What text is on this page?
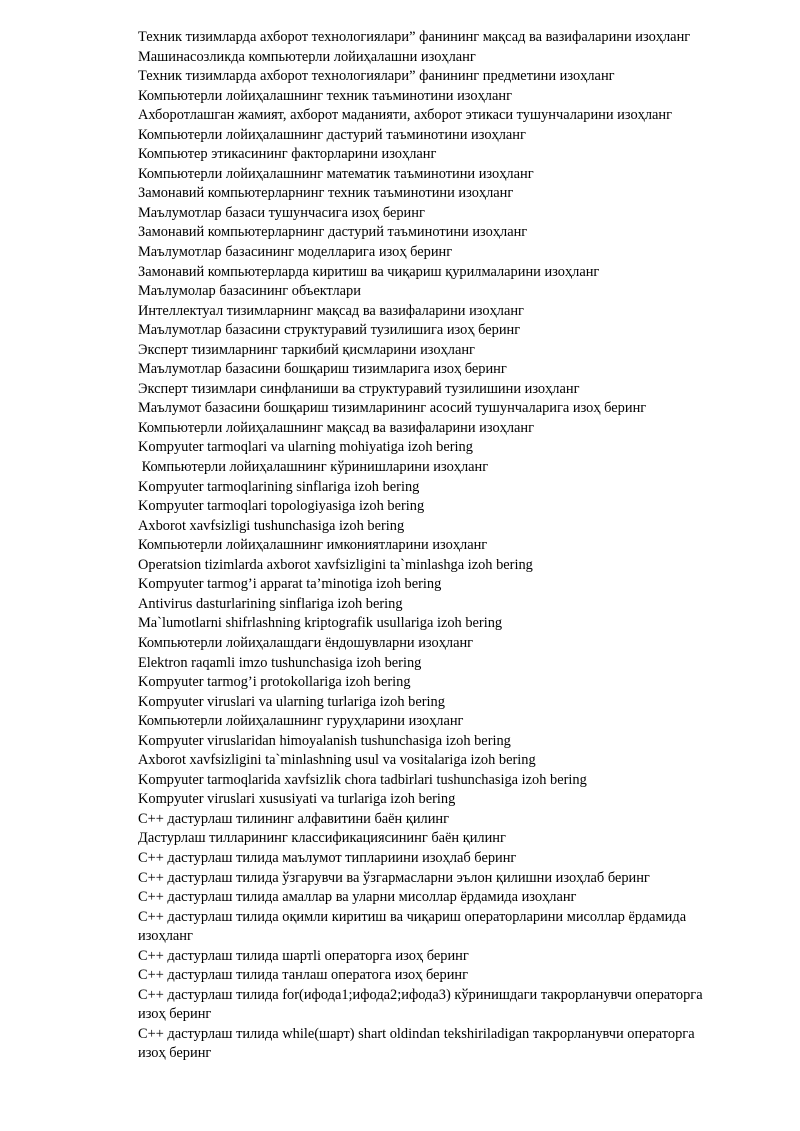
Техник тизимларда ахборот технологиялари” фанининг мақсад ва вазифаларини изоҳланг

Машинасозликда компьютерли лойиҳалашни изоҳланг

Техник тизимларда ахборот технологиялари” фанининг предметини изоҳланг

Компьютерли лойиҳалашнинг техник таъминотини изоҳланг

Ахборотлашган жамият, ахборот маданияти, ахборот этикаси тушунчаларини изоҳланг

Компьютерли лойиҳалашнинг дастурий таъминотини изоҳланг

Компьютер этикасининг факторларини изоҳланг

Компьютерли лойиҳалашнинг математик таъминотини изоҳланг

Замонавий компьютерларнинг техник таъминотини изоҳланг

Маълумотлар базаси тушунчасига изоҳ беринг

Замонавий компьютерларнинг дастурий таъминотини изоҳланг

Маълумотлар базасининг моделларига изоҳ беринг

Замонавий компьютерларда киритиш ва чиқариш қурилмаларини изоҳланг

Маълумолар базасининг объектлари

Интеллектуал тизимларнинг мақсад ва вазифаларини изоҳланг

Маълумотлар базасини структуравий тузилишига изоҳ беринг

Эксперт тизимларнинг таркибий қисмларини изоҳланг

Маълумотлар базасини бошқариш тизимларига изоҳ беринг

Эксперт тизимлари синфланиши ва структуравий тузилишини изоҳланг

Маълумот базасини бошқариш тизимларининг асосий тушунчаларига изоҳ беринг

Компьютерли лойиҳалашнинг мақсад ва вазифаларини изоҳланг

Kompyuter tarmoqlari va ularning mohiyatiga izoh bering

Компьютерли лойиҳалашнинг кўринишларини изоҳланг

Kompyuter tarmoqlarining sinflariga izoh bering

Kompyuter tarmoqlari topologiyasiga izoh bering

Axborot xavfsizligi tushunchasiga izoh bering

Компьютерли лойиҳалашнинг имкониятларини изоҳланг

Operatsion tizimlarda axborot xavfsizligini ta`minlashga izoh bering

Kompyuter tarmog’i apparat ta’minotiga izoh bering

Antivirus dasturlarining sinflariga izoh bering

Ma`lumotlarni shifrlashning kriptografik usullariga izoh bering

Компьютерли лойиҳалашдаги ёндошувларни изоҳланг

Elektron raqamli imzo tushunchasiga izoh bering

Kompyuter tarmog’i protokollariga izoh bering

Kompyuter viruslari va ularning turlariga izoh bering

Компьютерли лойиҳалашнинг гуруҳларини изоҳланг

Kompyuter viruslaridan himoyalanish tushunchasiga izoh bering

Axborot xavfsizligini ta`minlashning usul va vositalariga izoh bering

Kompyuter tarmoqlarida xavfsizlik chora tadbirlari tushunchasiga izoh bering

Kompyuter viruslari xususiyati va turlariga izoh bering

C++ дастурлаш тилининг алфавитини баён қилинг

Дастурлаш тилларининг классификациясининг баён қилинг

C++ дастурлаш тилида маълумот типлариини изоҳлаб беринг

C++ дастурлаш тилида ўзгарувчи ва ўзгармасларни эълон қилишни изоҳлаб беринг

C++ дастурлаш тилида амаллар ва уларни мисоллар ёрдамида изоҳланг

C++ дастурлаш тилида оқимли киритиш ва чиқариш операторларини мисоллар ёрдамида изоҳланг

C++ дастурлаш тилида шартli операторга изоҳ беринг

C++ дастурлаш тилида танлаш оператога изоҳ беринг

C++ дастурлаш тилида for(ифода1;ифода2;ифода3) кўринишдаги такрорланувчи операторга изоҳ беринг

C++ дастурлаш тилида while(шарт) shart oldindan tekshiriladigan такрорланувчи операторга изоҳ беринг
